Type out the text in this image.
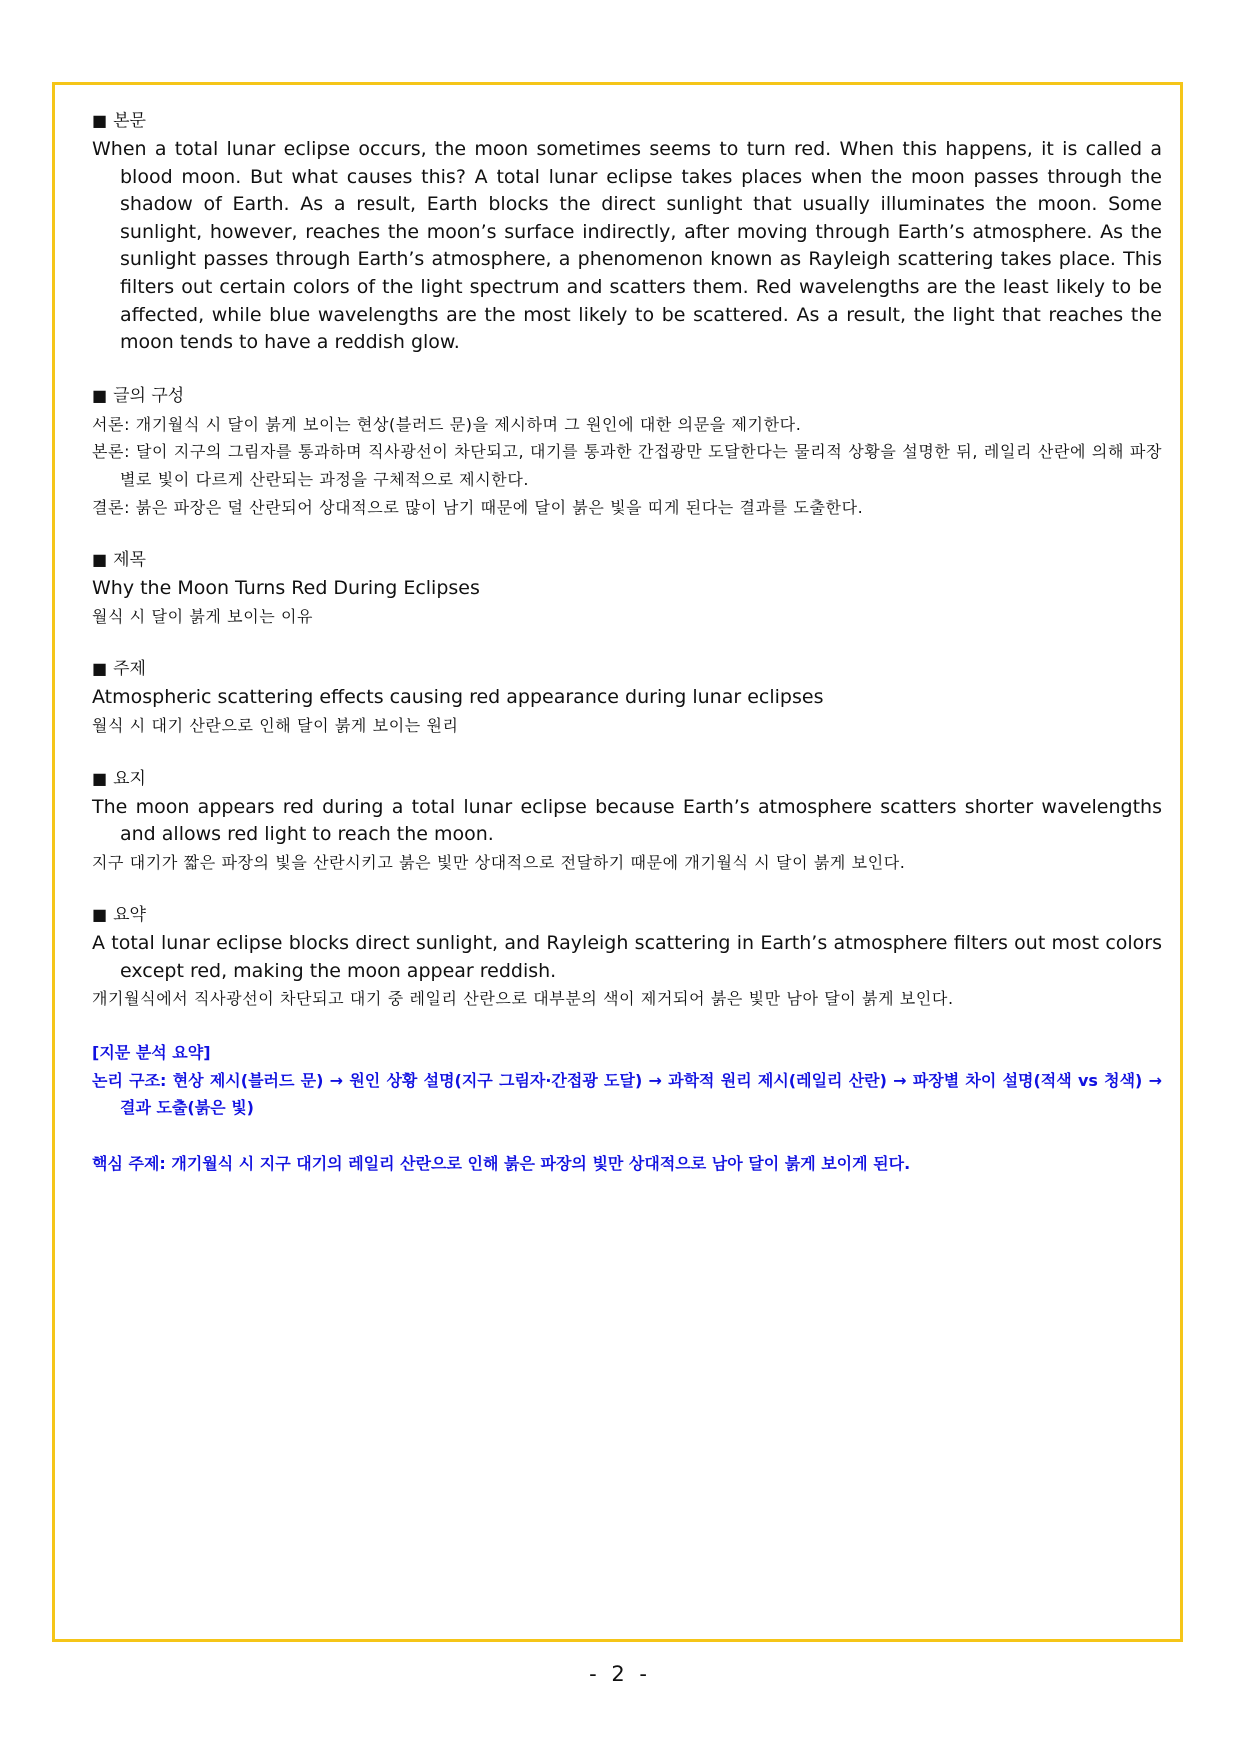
■ 본문

When a total lunar eclipse occurs, the moon sometimes seems to turn red. When this happens, it is called a blood moon. But what causes this? A total lunar eclipse takes places when the moon passes through the shadow of Earth. As a result, Earth blocks the direct sunlight that usually illuminates the moon. Some sunlight, however, reaches the moon’s surface indirectly, after moving through Earth’s atmosphere. As the sunlight passes through Earth’s atmosphere, a phenomenon known as Rayleigh scattering takes place. This filters out certain colors of the light spectrum and scatters them. Red wavelengths are the least likely to be affected, while blue wavelengths are the most likely to be scattered. As a result, the light that reaches the moon tends to have a reddish glow.

■ 글의 구성

서론: 개기월식 시 달이 붉게 보이는 현상(블러드 문)을 제시하며 그 원인에 대한 의문을 제기한다.

본론: 달이 지구의 그림자를 통과하며 직사광선이 차단되고, 대기를 통과한 간접광만 도달한다는 물리적 상황을 설명한 뒤, 레일리 산란에 의해 파장별로 빛이 다르게 산란되는 과정을 구체적으로 제시한다.

결론: 붉은 파장은 덜 산란되어 상대적으로 많이 남기 때문에 달이 붉은 빛을 띠게 된다는 결과를 도출한다.

■ 제목

Why the Moon Turns Red During Eclipses

월식 시 달이 붉게 보이는 이유

■ 주제

Atmospheric scattering effects causing red appearance during lunar eclipses

월식 시 대기 산란으로 인해 달이 붉게 보이는 원리

■ 요지

The moon appears red during a total lunar eclipse because Earth’s atmosphere scatters shorter wavelengths and allows red light to reach the moon.

지구 대기가 짧은 파장의 빛을 산란시키고 붉은 빛만 상대적으로 전달하기 때문에 개기월식 시 달이 붉게 보인다.

■ 요약

A total lunar eclipse blocks direct sunlight, and Rayleigh scattering in Earth’s atmosphere filters out most colors except red, making the moon appear reddish.

개기월식에서 직사광선이 차단되고 대기 중 레일리 산란으로 대부분의 색이 제거되어 붉은 빛만 남아 달이 붉게 보인다.

[지문 분석 요약]

논리 구조: 현상 제시(블러드 문) → 원인 상황 설명(지구 그림자·간접광 도달) → 과학적 원리 제시(레일리 산란) → 파장별 차이 설명(적색 vs 청색) → 결과 도출(붉은 빛)

핵심 주제: 개기월식 시 지구 대기의 레일리 산란으로 인해 붉은 파장의 빛만 상대적으로 남아 달이 붉게 보이게 된다.

- 2 -
